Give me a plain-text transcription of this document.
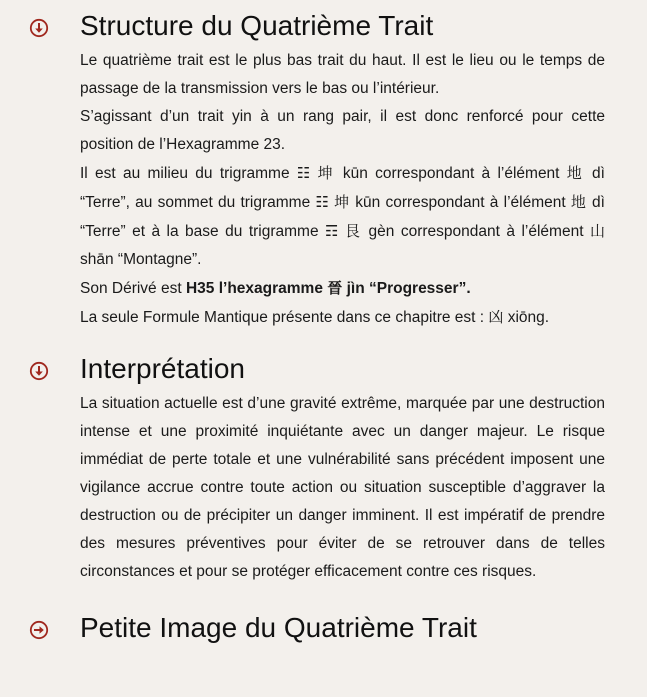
Structure du Quatrième Trait

Le quatrième trait est le plus bas trait du haut. Il est le lieu ou le temps de passage de la transmission vers le bas ou l’intérieur.

S’agissant d’un trait yin à un rang pair, il est donc renforcé pour cette position de l’Hexagramme 23.

Il est au milieu du trigramme ☷ 坤 kūn correspondant à l’élément 地 dì “Terre”, au sommet du trigramme ☷ 坤 kūn correspondant à l’élément 地 dì “Terre” et à la base du trigramme ☶ 艮 gèn correspondant à l’élément 山 shān “Montagne”.

Son Dérivé est H35 l’hexagramme 晉 jìn “Progresser”.

La seule Formule Mantique présente dans ce chapitre est : 凶 xiōng.

Interprétation

La situation actuelle est d’une gravité extrême, marquée par une destruction intense et une proximité inquiétante avec un danger majeur. Le risque immédiat de perte totale et une vulnérabilité sans précédent imposent une vigilance accrue contre toute action ou situation susceptible d’aggraver la destruction ou de précipiter un danger imminent. Il est impératif de prendre des mesures préventives pour éviter de se retrouver dans de telles circonstances et pour se protéger efficacement contre ces risques.

Petite Image du Quatrième Trait
